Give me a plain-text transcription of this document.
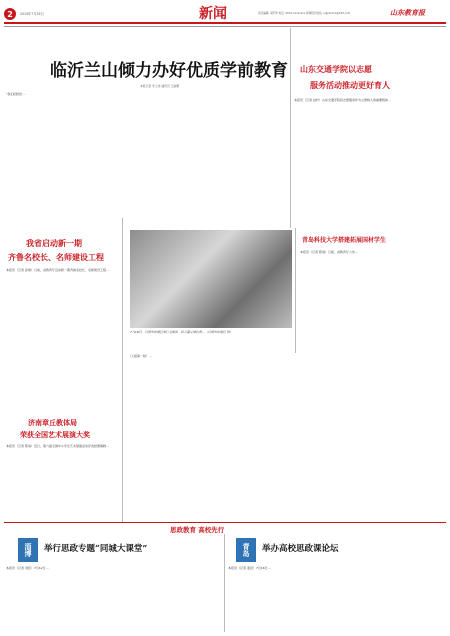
2 2019年7月29日	新闻	责任编辑: 胡平琦 电话: 0531-xxxxxxxx 新闻报料热线: sdjyxxxxx@163.com	山东教育报
临沂兰山倾力办好优质学前教育
本报记者 李士伟 通讯员 王丽娜
“我们的园长…
山东交通学院以志愿
服务活动推动更好育人
本报讯（记者 赵轩）山东交通学院将志愿服务作为立德树人的重要载体…
我省启动新一期
齐鲁名校长、名师建设工程
本报讯（记者 孙建）日前，省教育厅启动新一期齐鲁名校长、名师建设工程…
济南章丘教体局
荣获全国艺术展演大奖
本报讯（记者 陈雨）近日，第六届全国中小学生艺术展演活动评选结果揭晓…
7月19日，日照市东港区举行全国第一届儿童足球比赛…（日照市东港区 供）
（上接第一版）…
青岛科技大学搭建拓展国材学生
本报讯（记者 陈雨）日前，省教育厅公布…
思政教育 高校先行
淄博 举行思政专题“同城大课堂”
本报讯（记者 刘佳）7月12日…
青岛 举办高校思政课论坛
本报讯（记者 姜昆）7月16日…
